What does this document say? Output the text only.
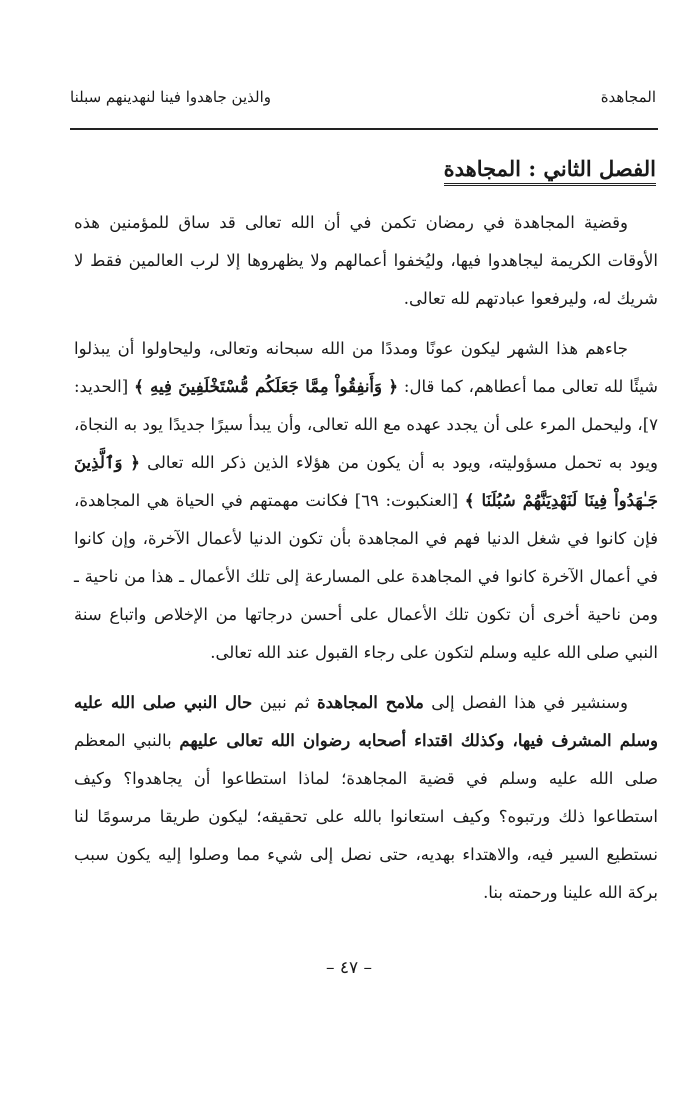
المجاهدة
والذين جاهدوا فينا لنهدينهم سبلنا
الفصل الثاني : المجاهدة

وقضية المجاهدة في رمضان تكمن في أن الله تعالى قد ساق للمؤمنين هذه الأوقات الكريمة ليجاهدوا فيها، وليُخفوا أعمالهم ولا يظهروها إلا لرب العالمين فقط لا شريك له، وليرفعوا عبادتهم لله تعالى.

جاءهم هذا الشهر ليكون عونًا ومددًا من الله سبحانه وتعالى، وليحاولوا أن يبذلوا شيئًا لله تعالى مما أعطاهم، كما قال: ﴿ وَأَنفِقُواْ مِمَّا جَعَلَكُم مُّسْتَخْلَفِينَ فِيهِ ﴾ [الحديد: ٧]، وليحمل المرء على أن يجدد عهده مع الله تعالى، وأن يبدأ سيرًا جديدًا يود به النجاة، ويود به تحمل مسؤوليته، ويود به أن يكون من هؤلاء الذين ذكر الله تعالى ﴿ وَٱلَّذِينَ جَـٰهَدُواْ فِينَا لَنَهْدِيَنَّهُمْ سُبُلَنَا ﴾ [العنكبوت: ٦٩] فكانت مهمتهم في الحياة هي المجاهدة، فإن كانوا في شغل الدنيا فهم في المجاهدة بأن تكون الدنيا لأعمال الآخرة، وإن كانوا في أعمال الآخرة كانوا في المجاهدة على المسارعة إلى تلك الأعمال ـ هذا من ناحية ـ ومن ناحية أخرى أن تكون تلك الأعمال على أحسن درجاتها من الإخلاص واتباع سنة النبي صلى الله عليه وسلم لتكون على رجاء القبول عند الله تعالى.

وسنشير في هذا الفصل إلى ملامح المجاهدة ثم نبين حال النبي صلى الله عليه وسلم المشرف فيها، وكذلك اقتداء أصحابه رضوان الله تعالى عليهم بالنبي المعظم صلى الله عليه وسلم في قضية المجاهدة؛ لماذا استطاعوا أن يجاهدوا؟ وكيف استطاعوا ذلك ورتبوه؟ وكيف استعانوا بالله على تحقيقه؛ ليكون طريقا مرسومًا لنا نستطيع السير فيه، والاهتداء بهديه، حتى نصل إلى شيء مما وصلوا إليه يكون سبب بركة الله علينا ورحمته بنا.

– ٤٧ –
